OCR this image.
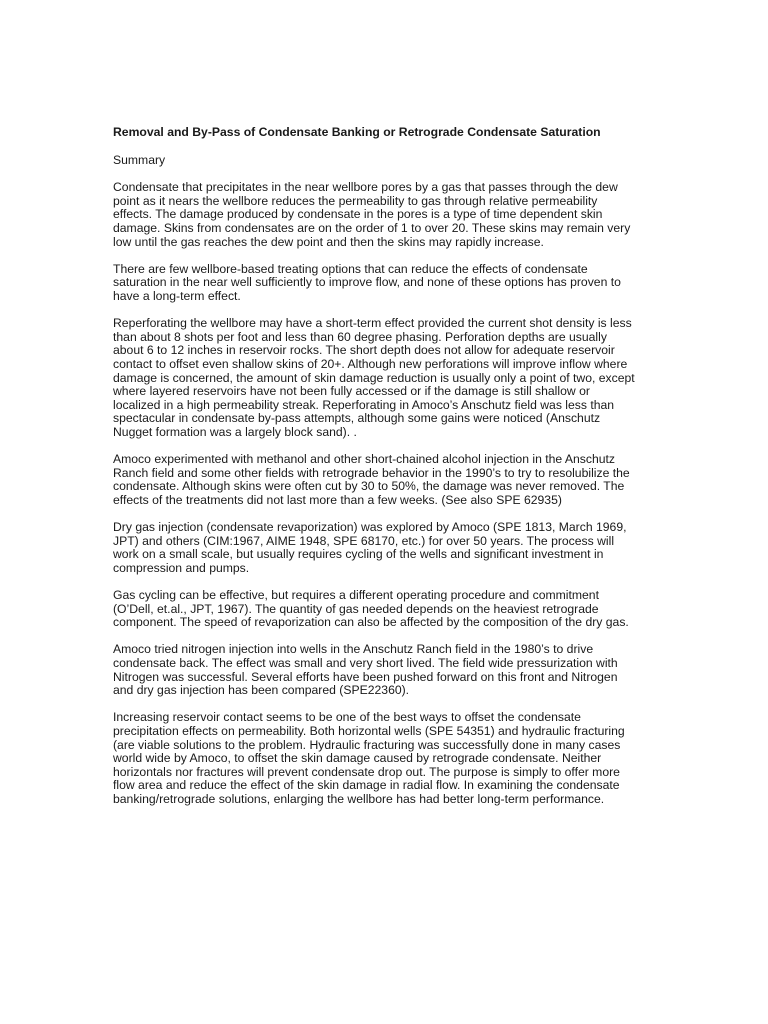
Removal and By-Pass of Condensate Banking or Retrograde Condensate Saturation
Summary
Condensate that precipitates in the near wellbore pores by a gas that passes through the dew
point as it nears the wellbore reduces the permeability to gas through relative permeability
effects. The damage produced by condensate in the pores is a type of time dependent skin
damage. Skins from condensates are on the order of 1 to over 20. These skins may remain very
low until the gas reaches the dew point and then the skins may rapidly increase.
There are few wellbore-based treating options that can reduce the effects of condensate
saturation in the near well sufficiently to improve flow, and none of these options has proven to
have a long-term effect.
Reperforating the wellbore may have a short-term effect provided the current shot density is less
than about 8 shots per foot and less than 60 degree phasing. Perforation depths are usually
about 6 to 12 inches in reservoir rocks. The short depth does not allow for adequate reservoir
contact to offset even shallow skins of 20+. Although new perforations will improve inflow where
damage is concerned, the amount of skin damage reduction is usually only a point of two, except
where layered reservoirs have not been fully accessed or if the damage is still shallow or
localized in a high permeability streak. Reperforating in Amoco’s Anschutz field was less than
spectacular in condensate by-pass attempts, although some gains were noticed (Anschutz
Nugget formation was a largely block sand). .
Amoco experimented with methanol and other short-chained alcohol injection in the Anschutz
Ranch field and some other fields with retrograde behavior in the 1990’s to try to resolubilize the
condensate. Although skins were often cut by 30 to 50%, the damage was never removed. The
effects of the treatments did not last more than a few weeks. (See also SPE 62935)
Dry gas injection (condensate revaporization) was explored by Amoco (SPE 1813, March 1969,
JPT) and others (CIM:1967, AIME 1948, SPE 68170, etc.) for over 50 years. The process will
work on a small scale, but usually requires cycling of the wells and significant investment in
compression and pumps.
Gas cycling can be effective, but requires a different operating procedure and commitment
(O’Dell, et.al., JPT, 1967). The quantity of gas needed depends on the heaviest retrograde
component. The speed of revaporization can also be affected by the composition of the dry gas.
Amoco tried nitrogen injection into wells in the Anschutz Ranch field in the 1980’s to drive
condensate back. The effect was small and very short lived. The field wide pressurization with
Nitrogen was successful. Several efforts have been pushed forward on this front and Nitrogen
and dry gas injection has been compared (SPE22360).
Increasing reservoir contact seems to be one of the best ways to offset the condensate
precipitation effects on permeability. Both horizontal wells (SPE 54351) and hydraulic fracturing
(are viable solutions to the problem. Hydraulic fracturing was successfully done in many cases
world wide by Amoco, to offset the skin damage caused by retrograde condensate. Neither
horizontals nor fractures will prevent condensate drop out. The purpose is simply to offer more
flow area and reduce the effect of the skin damage in radial flow. In examining the condensate
banking/retrograde solutions, enlarging the wellbore has had better long-term performance.
